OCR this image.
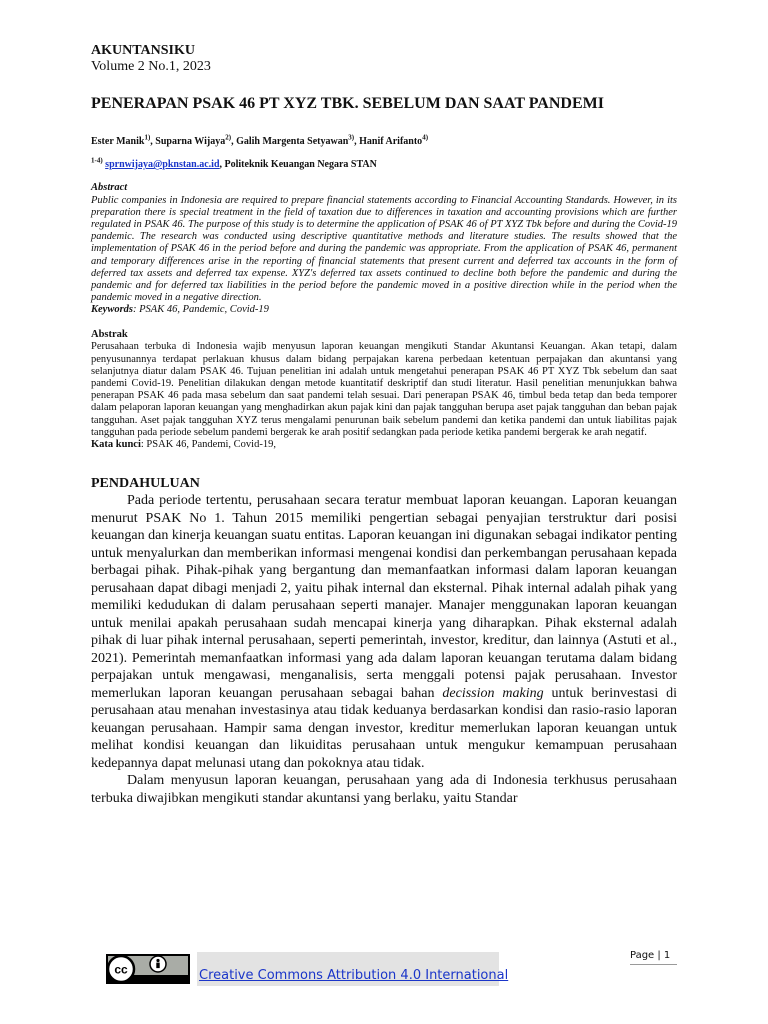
AKUNTANSIKU

Volume 2 No.1, 2023

PENERAPAN PSAK 46 PT XYZ TBK. SEBELUM DAN SAAT PANDEMI

Ester Manik$^{1)}$, Suparna Wijaya$^{2)}$, Galih Margenta Setyawan$^{3)}$, Hanif Arifanto$^{4)}$

$^{1-4)}$ sprnwijaya@pknstan.ac.id, Politeknik Keuangan Negara STAN

Abstract

Public companies in Indonesia are required to prepare financial statements according to Financial Accounting Standards. However, in its preparation there is special treatment in the field of taxation due to differences in taxation and accounting provisions which are further regulated in PSAK 46. The purpose of this study is to determine the application of PSAK 46 of PT XYZ Tbk before and during the Covid-19 pandemic. The research was conducted using descriptive quantitative methods and literature studies. The results showed that the implementation of PSAK 46 in the period before and during the pandemic was appropriate. From the application of PSAK 46, permanent and temporary differences arise in the reporting of financial statements that present current and deferred tax accounts in the form of deferred tax assets and deferred tax expense. XYZ's deferred tax assets continued to decline both before the pandemic and during the pandemic and for deferred tax liabilities in the period before the pandemic moved in a positive direction while in the period when the pandemic moved in a negative direction.

Keywords: PSAK 46, Pandemic, Covid-19

Abstrak

Perusahaan terbuka di Indonesia wajib menyusun laporan keuangan mengikuti Standar Akuntansi Keuangan. Akan tetapi, dalam penyusunannya terdapat perlakuan khusus dalam bidang perpajakan karena perbedaan ketentuan perpajakan dan akuntansi yang selanjutnya diatur dalam PSAK 46. Tujuan penelitian ini adalah untuk mengetahui penerapan PSAK 46 PT XYZ Tbk sebelum dan saat pandemi Covid-19. Penelitian dilakukan dengan metode kuantitatif deskriptif dan studi literatur. Hasil penelitian menunjukkan bahwa penerapan PSAK 46 pada masa sebelum dan saat pandemi telah sesuai. Dari penerapan PSAK 46, timbul beda tetap dan beda temporer dalam pelaporan laporan keuangan yang menghadirkan akun pajak kini dan pajak tangguhan berupa aset pajak tangguhan dan beban pajak tangguhan. Aset pajak tangguhan XYZ terus mengalami penurunan baik sebelum pandemi dan ketika pandemi dan untuk liabilitas pajak tangguhan pada periode sebelum pandemi bergerak ke arah positif sedangkan pada periode ketika pandemi bergerak ke arah negatif.

Kata kunci: PSAK 46, Pandemi, Covid-19,

PENDAHULUAN

Pada periode tertentu, perusahaan secara teratur membuat laporan keuangan. Laporan keuangan menurut PSAK No 1. Tahun 2015 memiliki pengertian sebagai penyajian terstruktur dari posisi keuangan dan kinerja keuangan suatu entitas. Laporan keuangan ini digunakan sebagai indikator penting untuk menyalurkan dan memberikan informasi mengenai kondisi dan perkembangan perusahaan kepada berbagai pihak. Pihak-pihak yang bergantung dan memanfaatkan informasi dalam laporan keuangan perusahaan dapat dibagi menjadi 2, yaitu pihak internal dan eksternal. Pihak internal adalah pihak yang memiliki kedudukan di dalam perusahaan seperti manajer. Manajer menggunakan laporan keuangan untuk menilai apakah perusahaan sudah mencapai kinerja yang diharapkan. Pihak eksternal adalah pihak di luar pihak internal perusahaan, seperti pemerintah, investor, kreditur, dan lainnya (Astuti et al., 2021). Pemerintah memanfaatkan informasi yang ada dalam laporan keuangan terutama dalam bidang perpajakan untuk mengawasi, menganalisis, serta menggali potensi pajak perusahaan. Investor memerlukan laporan keuangan perusahaan sebagai bahan decission making untuk berinvestasi di perusahaan atau menahan investasinya atau tidak keduanya berdasarkan kondisi dan rasio-rasio laporan keuangan perusahaan. Hampir sama dengan investor, kreditur memerlukan laporan keuangan untuk melihat kondisi keuangan dan likuiditas perusahaan untuk mengukur kemampuan perusahaan kedepannya dapat melunasi utang dan pokoknya atau tidak.

Dalam menyusun laporan keuangan, perusahaan yang ada di Indonesia terkhusus perusahaan terbuka diwajibkan mengikuti standar akuntansi yang berlaku, yaitu Standar

cc	Creative Commons Attribution 4.0 International
Page | 1
